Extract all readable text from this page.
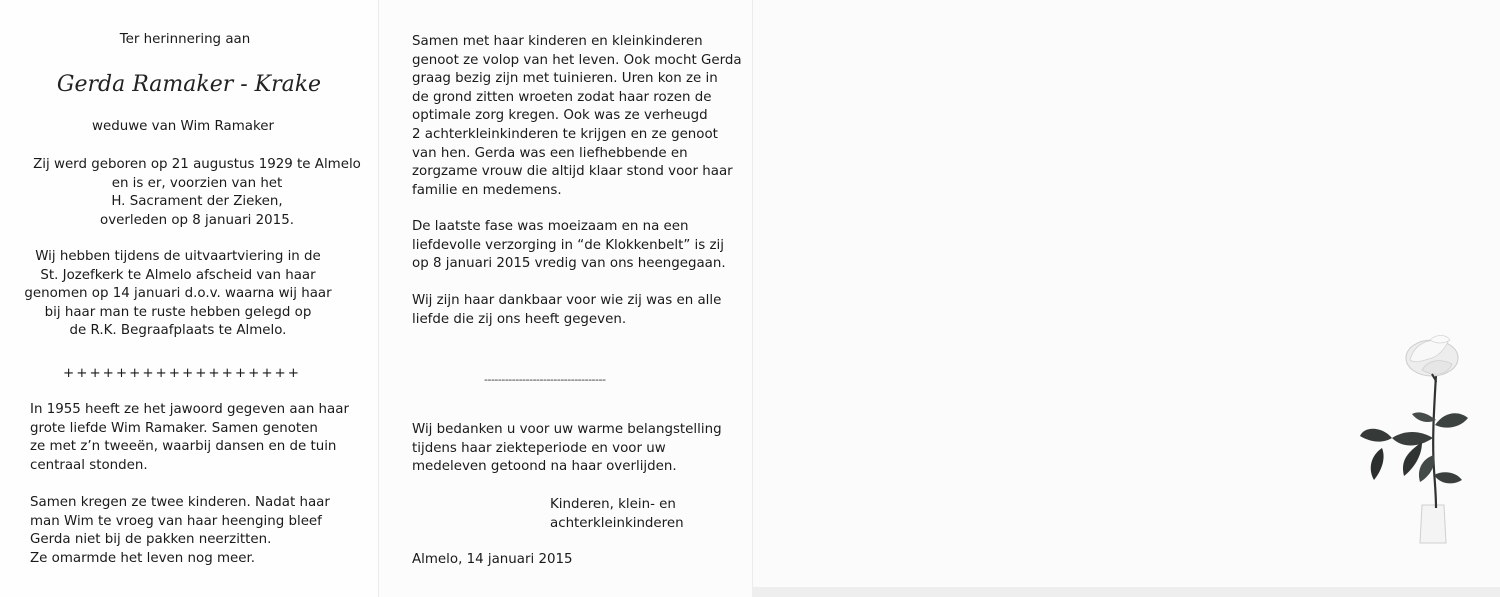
Ter herinnering aan
Gerda Ramaker - Krake
weduwe van Wim Ramaker
Zij werd geboren op 21 augustus 1929 te Almelo
en is er, voorzien van het
H. Sacrament der Zieken,
overleden op 8 januari 2015.
Wij hebben tijdens de uitvaartviering in de
St. Jozefkerk te Almelo afscheid van haar
genomen op 14 januari d.o.v. waarna wij haar
bij haar man te ruste hebben gelegd op
de R.K. Begraafplaats te Almelo.
++++++++++++++++++
In 1955 heeft ze het jawoord gegeven aan haar
grote liefde Wim Ramaker. Samen genoten
ze met z’n tweeën, waarbij dansen en de tuin
centraal stonden.
Samen kregen ze twee kinderen. Nadat haar
man Wim te vroeg van haar heenging bleef
Gerda niet bij de pakken neerzitten.
Ze omarmde het leven nog meer.
Samen met haar kinderen en kleinkinderen
genoot ze volop van het leven. Ook mocht Gerda
graag bezig zijn met tuinieren. Uren kon ze in
de grond zitten wroeten zodat haar rozen de
optimale zorg kregen. Ook was ze verheugd
2 achterkleinkinderen te krijgen en ze genoot
van hen. Gerda was een liefhebbende en
zorgzame vrouw die altijd klaar stond voor haar
familie en medemens.
De laatste fase was moeizaam en na een
liefdevolle verzorging in “de Klokkenbelt” is zij
op 8 januari 2015 vredig van ons heengegaan.
Wij zijn haar dankbaar voor wie zij was en alle
liefde die zij ons heeft gegeven.
-----------------------------------
Wij bedanken u voor uw warme belangstelling
tijdens haar ziekteperiode en voor uw
medeleven getoond na haar overlijden.
Kinderen, klein- en
achterkleinkinderen
Almelo, 14 januari 2015
